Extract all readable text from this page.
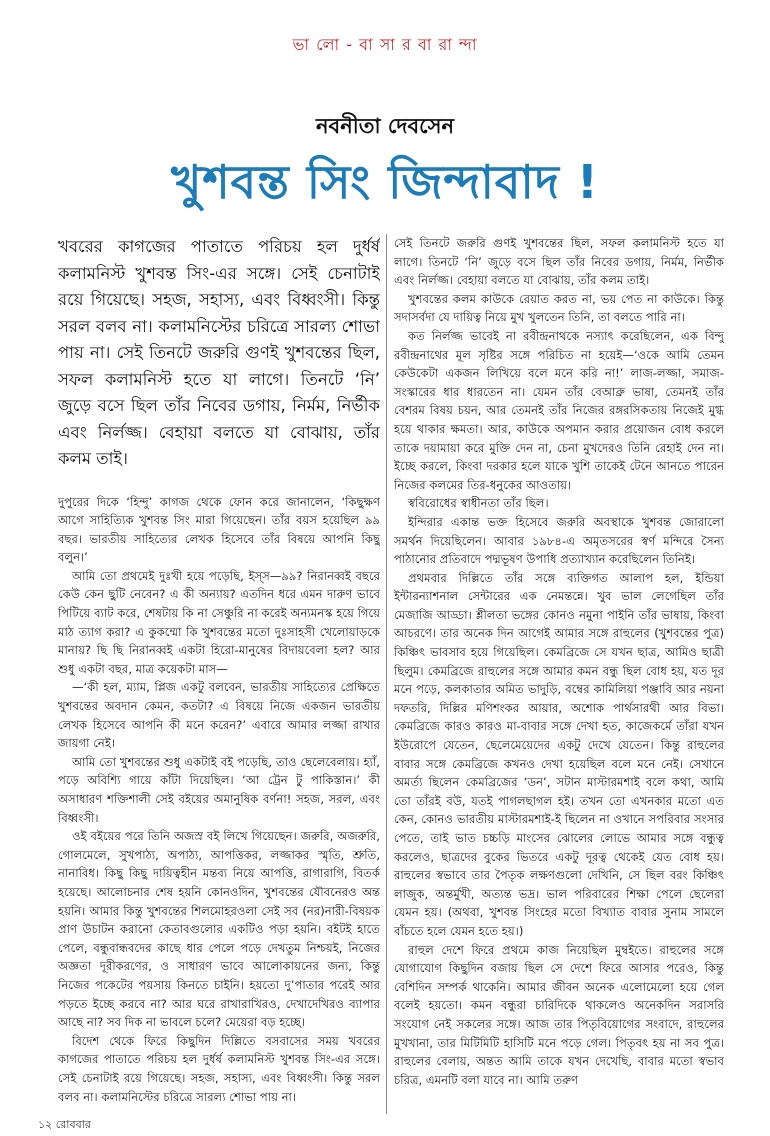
ভা লো - বা সা র বা রা ন্দা
নবনীতা দেবসেন
খুশবন্ত সিং জিন্দাবাদ !

খবরের কাগজের পাতাতে পরিচয় হল দুর্ধর্ষ কলামনিস্ট খুশবন্ত সিং-এর সঙ্গে। সেই চেনাটাই রয়ে গিয়েছে। সহজ, সহাস্য, এবং বিধ্বংসী। কিন্তু সরল বলব না। কলামনিস্টের চরিত্রে সারল্য শোভা পায় না। সেই তিনটে জরুরি গুণই খুশবন্তের ছিল, সফল কলামনিস্ট হতে যা লাগে। তিনটে ‘নি’ জুড়ে বসে ছিল তাঁর নিবের ডগায়, নির্মম, নির্ভীক এবং নির্লজ্জ। বেহায়া বলতে যা বোঝায়, তাঁর কলম তাই।

দুপুরের দিকে ‘হিন্দু’ কাগজ থেকে ফোন করে জানালেন, ‘কিছুক্ষণ আগে সাহিত্যিক খুশবন্ত সিং মারা গিয়েছেন। তাঁর বয়স হয়েছিল ৯৯ বছর। ভারতীয় সাহিত্যের লেখক হিসেবে তাঁর বিষয়ে আপনি কিছু বলুন।’

আমি তো প্রথমেই দুঃখী হয়ে পড়েছি, ইস্‌স—৯৯? নিরানব্বই বছরে কেউ কেন ছুটি নেবেন? এ কী অন্যায়? এতদিন ধরে এমন দারুণ ভাবে পিটিয়ে ব্যাট করে, শেষটায় কি না সেঞ্চুরি না করেই অন্যমনস্ক হয়ে গিয়ে মাঠ ত্যাগ করা? এ কুকম্মো কি খুশবন্তের মতো দুঃসাহসী খেলোয়াড়কে মানায়? ছি ছি নিরানব্বই একটা হিরো-মানুষের বিদায়বেলা হল? আর শুধু একটা বছর, মাত্র কয়েকটা মাস—

—‘কী হল, ম্যাম, প্লিজ একটু বলবেন, ভারতীয় সাহিত্যের প্রেক্ষিতে খুশবন্তের অবদান কেমন, কতটা? এ বিষয়ে নিজে একজন ভারতীয় লেখক হিসেবে আপনি কী মনে করেন?’ এবারে আমার লজ্জা রাখার জায়গা নেই।

আমি তো খুশবন্তের শুধু একটাই বই পড়েছি, তাও ছেলেবেলায়। হ্যাঁ, পড়ে অবিশ্যি গায়ে কাঁটা দিয়েছিল। ‘আ ট্রেন টু পাকিস্তান।’ কী অসাধারণ শক্তিশালী সেই বইয়ের অমানুষিক বর্ণনা! সহজ, সরল, এবং বিধ্বংসী।

ওই বইয়ের পরে তিনি অজস্র বই লিখে গিয়েছেন। জরুরি, অজরুরি, গোলমেলে, সুখপাঠ্য, অপাঠ্য, আপত্তিকর, লজ্জাকর স্মৃতি, শ্রুতি, নানাবিধ। কিছু কিছু দায়িত্বহীন মন্তব্য নিয়ে আপত্তি, রাগারাগি, বিতর্ক হয়েছে। আলোচনার শেষ হয়নি কোনওদিন, খুশবন্তের যৌবনেরও অন্ত হয়নি। আমার কিন্তু খুশবন্তের শিলমোহরওলা সেই সব (নর)নারী-বিষয়ক প্রাণ উচাটন করানো কেতাবগুলোর একটিও পড়া হয়নি। বইটই হাতে পেলে, বন্ধুবান্ধবদের কাছে ধার পেলে পড়ে দেখতুম নিশ্চয়ই, নিজের অজ্ঞতা দূরীকরণের, ও সাধারণ ভাবে আলোকায়নের জন্য, কিন্তু নিজের পকেটের পয়সায় কিনতে চাইনি। হয়তো দু’পাতার পরেই আর পড়তে ইচ্ছে করবে না? আর ঘরে রাখারাখিরও, দেখাদেখিরও ব্যাপার আছে না? সব দিক না ভাবলে চলে? মেয়েরা বড় হচ্ছে।

বিদেশ থেকে ফিরে কিছুদিন দিল্লিতে বসবাসের সময় খবরের কাগজের পাতাতে পরিচয় হল দুর্ধর্ষ কলামনিস্ট খুশবন্ত সিং-এর সঙ্গে। সেই চেনাটাই রয়ে গিয়েছে। সহজ, সহাস্য, এবং বিধ্বংসী। কিন্তু সরল বলব না। কলামনিস্টের চরিত্রে সারল্য শোভা পায় না।

সেই তিনটে জরুরি গুণই খুশবন্তের ছিল, সফল কলামনিস্ট হতে যা লাগে। তিনটে ‘নি’ জুড়ে বসে ছিল তাঁর নিবের ডগায়, নির্মম, নির্ভীক এবং নির্লজ্জ। বেহায়া বলতে যা বোঝায়, তাঁর কলম তাই।

খুশবন্তের কলম কাউকে রেয়াত করত না, ভয় পেত না কাউকে। কিন্তু সদাসর্বদা যে দায়িত্ব নিয়ে মুখ খুলতেন তিনি, তা বলতে পারি না।

কত নির্লজ্জ ভাবেই না রবীন্দ্রনাথকে নস্যাৎ করেছিলেন, এক বিন্দু রবীন্দ্রনাথের মূল সৃষ্টির সঙ্গে পরিচিত না হয়েই—‘ওকে আমি তেমন কেউকেটা একজন লিখিয়ে বলে মনে করি না!’ লাজ-লজ্জা, সমাজ-সংস্কারের ধার ধারতেন না। যেমন তাঁর বেআব্রু ভাষা, তেমনই তাঁর বেশরম বিষয় চয়ন, আর তেমনই তাঁর নিজের রঙ্গরসিকতায় নিজেই মুগ্ধ হয়ে থাকার ক্ষমতা। আর, কাউকে অপমান করার প্রয়োজন বোধ করলে তাকে দয়ামায়া করে মুক্তি দেন না, চেনা মুখদেরও তিনি রেহাই দেন না। ইচ্ছে করলে, কিংবা দরকার হলে যাকে খুশি তাকেই টেনে আনতে পারেন নিজের কলমের তির-ধনুকের আওতায়।

স্ববিরোধের স্বাধীনতা তাঁর ছিল।

ইন্দিরার একান্ত ভক্ত হিসেবে জরুরি অবস্থাকে খুশবন্ত জোরালো সমর্থন দিয়েছিলেন। আবার ১৯৮৪-এ অমৃতসরের স্বর্ণ মন্দিরে সৈন্য পাঠানোর প্রতিবাদে পদ্মভূষণ উপাধি প্রত্যাখ্যান করেছিলেন তিনিই।

প্রথমবার দিল্লিতে তাঁর সঙ্গে ব্যক্তিগত আলাপ হল, ইন্ডিয়া ইন্টারন্যাশনাল সেন্টারের এক নেমন্তন্নে। খুব ভাল লেগেছিল তাঁর মেজাজি আড্ডা। শ্লীলতা ভঙ্গের কোনও নমুনা পাইনি তাঁর ভাষায়, কিংবা আচরণে। তার অনেক দিন আগেই আমার সঙ্গে রাহুলের (খুশবন্তের পুত্র) কিঞ্চিৎ ভাবসাব হয়ে গিয়েছিল। কেমব্রিজে সে যখন ছাত্র, আমিও ছাত্রী ছিলুম। কেমব্রিজে রাহুলের সঙ্গে আমার কমন বন্ধু ছিল বোধ হয়, যত দূর মনে পড়ে, কলকাতার অমিত ভাদুড়ি, বম্বের কামিলিয়া পঞ্জাবি আর নয়না দফতরি, দিল্লির মণিশংকর আয়ার, অশোক পার্থসারথী আর বিভা। কেমব্রিজে কারও কারও মা-বাবার সঙ্গে দেখা হত, কাজেকর্মে তাঁরা যখন ইউরোপে যেতেন, ছেলেমেয়েদের একটু দেখে যেতেন। কিন্তু রাহুলের বাবার সঙ্গে কেমব্রিজে কখনও দেখা হয়েছিল বলে মনে নেই। সেখানে অমর্ত্য ছিলেন কেমব্রিজের ‘ডন’, সটান মাস্টারমশাই বলে কথা, আমি তো তাঁরই বউ, যতই পাগলছাগল হই। তখন তো এখনকার মতো এত কেন, কোনও ভারতীয় মাস্টারমশাই-ই ছিলেন না ওখানে সপরিবার সংসার পেতে, তাই ভাত চচ্চড়ি মাংসের ঝোলের লোভে আমার সঙ্গে বন্ধুত্ব করলেও, ছাত্রদের বুকের ভিতরে একটু দূরত্ব থেকেই যেত বোধ হয়। রাহুলের স্বভাবে তার পৈতৃক লক্ষণগুলো দেখিনি, সে ছিল বরং কিঞ্চিৎ লাজুক, অন্তর্মুখী, অত্যন্ত ভদ্র। ভাল পরিবারের শিক্ষা পেলে ছেলেরা যেমন হয়। (অথবা, খুশবন্ত সিংহের মতো বিখ্যাত বাবার সুনাম সামলে বাঁচতে হলে যেমন হতে হয়।)

রাহুল দেশে ফিরে প্রথমে কাজ নিয়েছিল মুম্বইতে। রাহুলের সঙ্গে যোগাযোগ কিছুদিন বজায় ছিল সে দেশে ফিরে আসার পরেও, কিন্তু বেশিদিন সম্পর্ক থাকেনি। আমার জীবন অনেক এলোমেলো হয়ে গেল বলেই হয়তো। কমন বন্ধুরা চারিদিকে থাকলেও অনেকদিন সরাসরি সংযোগ নেই সকলের সঙ্গে। আজ তার পিতৃবিয়োগের সংবাদে, রাহুলের মুখখানা, তার মিটিমিটি হাসিটি মনে পড়ে গেল। পিতৃবৎ হয় না সব পুত্র। রাহুলের বেলায়, অন্তত আমি তাকে যখন দেখেছি, বাবার মতো স্বভাব চরিত্র, এমনটি বলা যাবে না। আমি তরুণ

১২ রোববার
